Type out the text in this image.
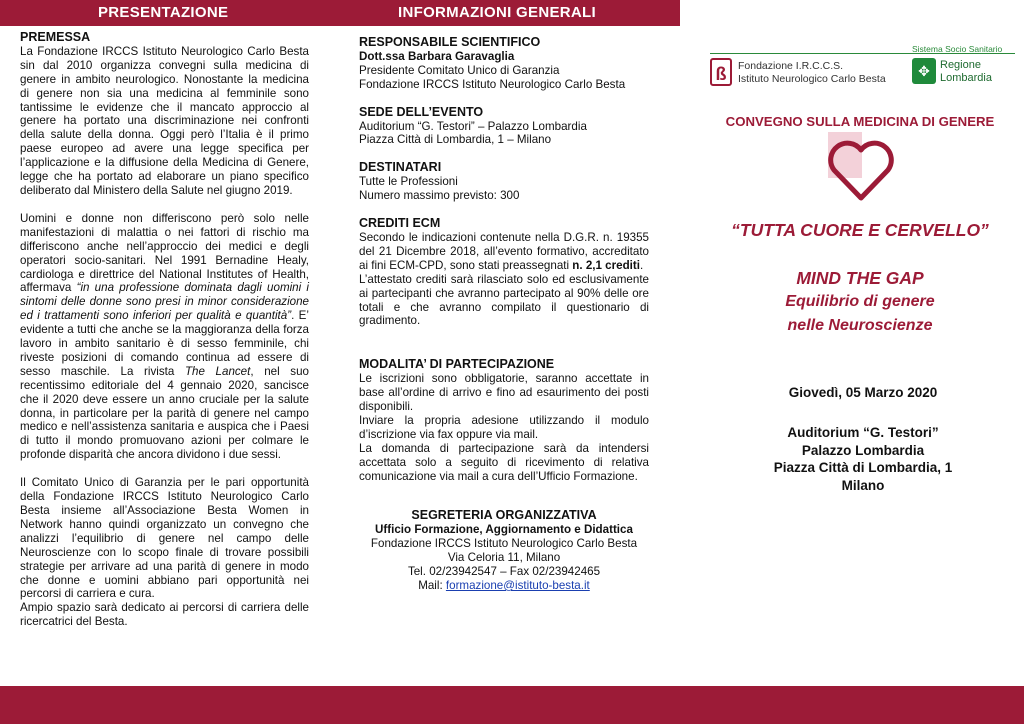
PRESENTAZIONE	INFORMAZIONI GENERALI

PREMESSA

La Fondazione IRCCS Istituto Neurologico Carlo Besta sin dal 2010 organizza convegni sulla medicina di genere in ambito neurologico. Nonostante la medicina di genere non sia una medicina al femminile sono tantissime le evidenze che il mancato approccio al genere ha portato una discriminazione nei confronti della salute della donna. Oggi però l’Italia è il primo paese europeo ad avere una legge specifica per l’applicazione e la diffusione della Medicina di Genere, legge che ha portato ad elaborare un piano specifico deliberato dal Ministero della Salute nel giugno 2019.

Uomini e donne non differiscono però solo nelle manifestazioni di malattia o nei fattori di rischio ma differiscono anche nell’approccio dei medici e degli operatori socio-sanitari. Nel 1991 Bernadine Healy, cardiologa e direttrice del National Institutes of Health, affermava “in una professione dominata dagli uomini i sintomi delle donne sono presi in minor considerazione ed i trattamenti sono inferiori per qualità e quantità”. E’ evidente a tutti che anche se la maggioranza della forza lavoro in ambito sanitario è di sesso femminile, chi riveste posizioni di comando continua ad essere di sesso maschile. La rivista The Lancet, nel suo recentissimo editoriale del 4 gennaio 2020, sancisce che il 2020 deve essere un anno cruciale per la salute donna, in particolare per la parità di genere nel campo medico e nell’assistenza sanitaria e auspica che i Paesi di tutto il mondo promuovano azioni per colmare le profonde disparità che ancora dividono i due sessi.

Il Comitato Unico di Garanzia per le pari opportunità della Fondazione IRCCS Istituto Neurologico Carlo Besta insieme all’Associazione Besta Women in Network hanno quindi organizzato un convegno che analizzi l’equilibrio di genere nel campo delle Neuroscienze con lo scopo finale di trovare possibili strategie per arrivare ad una parità di genere in modo che donne e uomini abbiano pari opportunità nei percorsi di carriera e cura.

Ampio spazio sarà dedicato ai percorsi di carriera delle ricercatrici del Besta.

RESPONSABILE SCIENTIFICO

Dott.ssa Barbara Garavaglia

Presidente Comitato Unico di Garanzia

Fondazione IRCCS Istituto Neurologico Carlo Besta

SEDE DELL’EVENTO

Auditorium “G. Testori” – Palazzo Lombardia

Piazza Città di Lombardia, 1 – Milano

DESTINATARI

Tutte le Professioni

Numero massimo previsto: 300

CREDITI ECM

Secondo le indicazioni contenute nella D.G.R. n. 19355 del 21 Dicembre 2018, all’evento formativo, accreditato ai fini ECM-CPD, sono stati preassegnati n. 2,1 crediti.

L’attestato crediti sarà rilasciato solo ed esclusivamente ai partecipanti che avranno partecipato al 90% delle ore totali e che avranno compilato il questionario di gradimento.

MODALITA’ DI PARTECIPAZIONE

Le iscrizioni sono obbligatorie, saranno accettate in base all’ordine di arrivo e fino ad esaurimento dei posti disponibili.

Inviare la propria adesione utilizzando il modulo d’iscrizione via fax oppure via mail.

La domanda di partecipazione sarà da intendersi accettata solo a seguito di ricevimento di relativa comunicazione via mail a cura dell’Ufficio Formazione.

SEGRETERIA ORGANIZZATIVA

Ufficio Formazione, Aggiornamento e Didattica

Fondazione IRCCS Istituto Neurologico Carlo Besta

Via Celoria 11, Milano

Tel. 02/23942547 – Fax 02/23942465

Mail: formazione@istituto-besta.it

Sistema Socio Sanitario
ß	Fondazione I.R.C.C.S.
Istituto Neurologico Carlo Besta	✥ Regione
Lombardia
CONVEGNO SULLA MEDICINA DI GENERE
“TUTTA CUORE E CERVELLO”
MIND THE GAP
Equilibrio di genere
nelle Neuroscienze
Giovedì, 05 Marzo 2020
Auditorium “G. Testori”
Palazzo Lombardia
Piazza Città di Lombardia, 1
Milano
